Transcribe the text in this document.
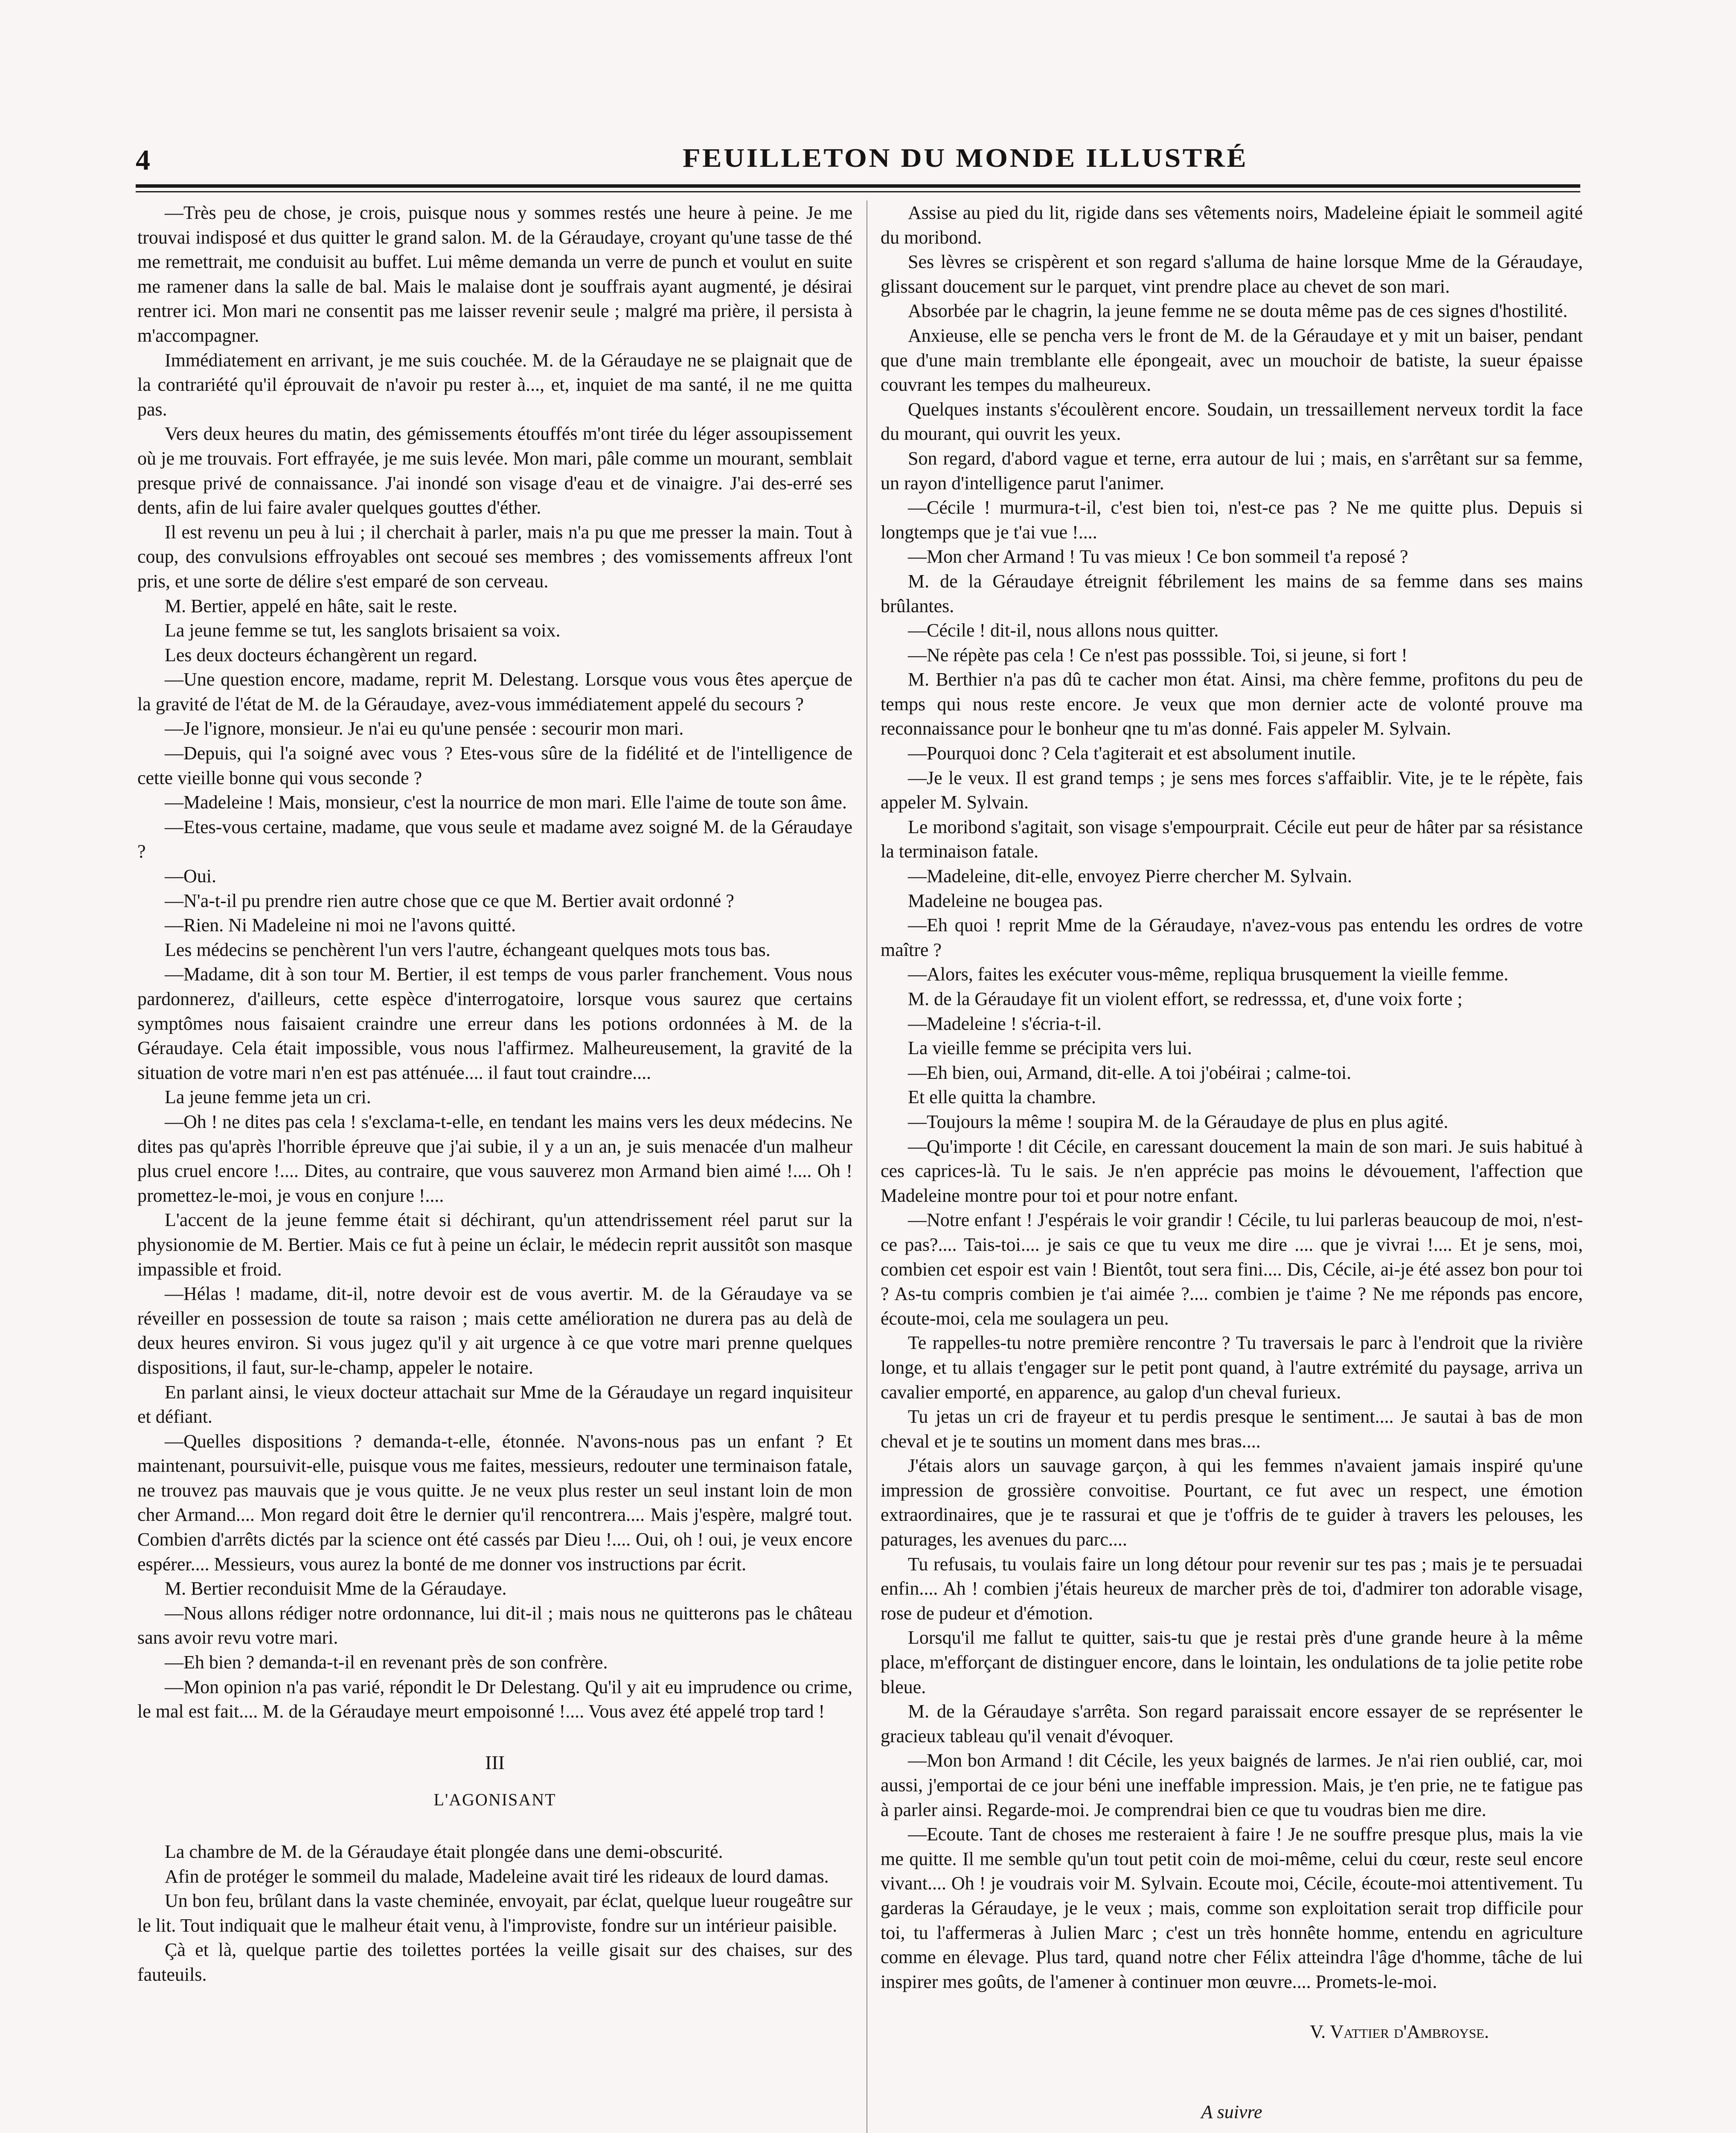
4	FEUILLETON DU MONDE ILLUSTRÉ

—Très peu de chose, je crois, puisque nous y sommes restés une heure à peine. Je me trouvai indisposé et dus quitter le grand salon. M. de la Géraudaye, croyant qu'une tasse de thé me remettrait, me conduisit au buffet. Lui même demanda un verre de punch et voulut en suite me ramener dans la salle de bal. Mais le malaise dont je souffrais ayant augmenté, je désirai rentrer ici. Mon mari ne consentit pas me laisser revenir seule ; malgré ma prière, il persista à m'accompagner.

Immédiatement en arrivant, je me suis couchée. M. de la Géraudaye ne se plaignait que de la contrariété qu'il éprouvait de n'avoir pu rester à..., et, inquiet de ma santé, il ne me quitta pas.

Vers deux heures du matin, des gémissements étouffés m'ont tirée du léger assoupissement où je me trouvais. Fort effrayée, je me suis levée. Mon mari, pâle comme un mourant, semblait presque privé de connaissance. J'ai inondé son visage d'eau et de vinaigre. J'ai des-erré ses dents, afin de lui faire avaler quelques gouttes d'éther.

Il est revenu un peu à lui ; il cherchait à parler, mais n'a pu que me presser la main. Tout à coup, des convulsions effroyables ont secoué ses membres ; des vomissements affreux l'ont pris, et une sorte de délire s'est emparé de son cerveau.

M. Bertier, appelé en hâte, sait le reste.

La jeune femme se tut, les sanglots brisaient sa voix.

Les deux docteurs échangèrent un regard.

—Une question encore, madame, reprit M. Delestang. Lorsque vous vous êtes aperçue de la gravité de l'état de M. de la Géraudaye, avez-vous immédiatement appelé du secours ?

—Je l'ignore, monsieur. Je n'ai eu qu'une pensée : secourir mon mari.

—Depuis, qui l'a soigné avec vous ? Etes-vous sûre de la fidélité et de l'intelligence de cette vieille bonne qui vous seconde ?

—Madeleine ! Mais, monsieur, c'est la nourrice de mon mari. Elle l'aime de toute son âme.

—Etes-vous certaine, madame, que vous seule et madame avez soigné M. de la Géraudaye ?

—Oui.

—N'a-t-il pu prendre rien autre chose que ce que M. Bertier avait ordonné ?

—Rien. Ni Madeleine ni moi ne l'avons quitté.

Les médecins se penchèrent l'un vers l'autre, échangeant quelques mots tous bas.

—Madame, dit à son tour M. Bertier, il est temps de vous parler franchement. Vous nous pardonnerez, d'ailleurs, cette espèce d'interrogatoire, lorsque vous saurez que certains symptômes nous faisaient craindre une erreur dans les potions ordonnées à M. de la Géraudaye. Cela était impossible, vous nous l'affirmez. Malheureusement, la gravité de la situation de votre mari n'en est pas atténuée.... il faut tout craindre....

La jeune femme jeta un cri.

—Oh ! ne dites pas cela ! s'exclama-t-elle, en tendant les mains vers les deux médecins. Ne dites pas qu'après l'horrible épreuve que j'ai subie, il y a un an, je suis menacée d'un malheur plus cruel encore !.... Dites, au contraire, que vous sauverez mon Armand bien aimé !.... Oh ! promettez-le-moi, je vous en conjure !....

L'accent de la jeune femme était si déchirant, qu'un attendrissement réel parut sur la physionomie de M. Bertier. Mais ce fut à peine un éclair, le médecin reprit aussitôt son masque impassible et froid.

—Hélas ! madame, dit-il, notre devoir est de vous avertir. M. de la Géraudaye va se réveiller en possession de toute sa raison ; mais cette amélioration ne durera pas au delà de deux heures environ. Si vous jugez qu'il y ait urgence à ce que votre mari prenne quelques dispositions, il faut, sur-le-champ, appeler le notaire.

En parlant ainsi, le vieux docteur attachait sur Mme de la Géraudaye un regard inquisiteur et défiant.

—Quelles dispositions ? demanda-t-elle, étonnée. N'avons-nous pas un enfant ? Et maintenant, poursuivit-elle, puisque vous me faites, messieurs, redouter une terminaison fatale, ne trouvez pas mauvais que je vous quitte. Je ne veux plus rester un seul instant loin de mon cher Armand.... Mon regard doit être le dernier qu'il rencontrera.... Mais j'espère, malgré tout. Combien d'arrêts dictés par la science ont été cassés par Dieu !.... Oui, oh ! oui, je veux encore espérer.... Messieurs, vous aurez la bonté de me donner vos instructions par écrit.

M. Bertier reconduisit Mme de la Géraudaye.

—Nous allons rédiger notre ordonnance, lui dit-il ; mais nous ne quitterons pas le château sans avoir revu votre mari.

—Eh bien ? demanda-t-il en revenant près de son confrère.

—Mon opinion n'a pas varié, répondit le Dr Delestang. Qu'il y ait eu imprudence ou crime, le mal est fait.... M. de la Géraudaye meurt empoisonné !.... Vous avez été appelé trop tard !

III

L'AGONISANT

La chambre de M. de la Géraudaye était plongée dans une demi-obscurité.

Afin de protéger le sommeil du malade, Madeleine avait tiré les rideaux de lourd damas.

Un bon feu, brûlant dans la vaste cheminée, envoyait, par éclat, quelque lueur rougeâtre sur le lit. Tout indiquait que le malheur était venu, à l'improviste, fondre sur un intérieur paisible.

Çà et là, quelque partie des toilettes portées la veille gisait sur des chaises, sur des fauteuils.

Assise au pied du lit, rigide dans ses vêtements noirs, Madeleine épiait le sommeil agité du moribond.

Ses lèvres se crispèrent et son regard s'alluma de haine lorsque Mme de la Géraudaye, glissant doucement sur le parquet, vint prendre place au chevet de son mari.

Absorbée par le chagrin, la jeune femme ne se douta même pas de ces signes d'hostilité.

Anxieuse, elle se pencha vers le front de M. de la Géraudaye et y mit un baiser, pendant que d'une main tremblante elle épongeait, avec un mouchoir de batiste, la sueur épaisse couvrant les tempes du malheureux.

Quelques instants s'écoulèrent encore. Soudain, un tressaillement nerveux tordit la face du mourant, qui ouvrit les yeux.

Son regard, d'abord vague et terne, erra autour de lui ; mais, en s'arrêtant sur sa femme, un rayon d'intelligence parut l'animer.

—Cécile ! murmura-t-il, c'est bien toi, n'est-ce pas ? Ne me quitte plus. Depuis si longtemps que je t'ai vue !....

—Mon cher Armand ! Tu vas mieux ! Ce bon sommeil t'a reposé ?

M. de la Géraudaye étreignit fébrilement les mains de sa femme dans ses mains brûlantes.

—Cécile ! dit-il, nous allons nous quitter.

—Ne répète pas cela ! Ce n'est pas posssible. Toi, si jeune, si fort !

M. Berthier n'a pas dû te cacher mon état. Ainsi, ma chère femme, profitons du peu de temps qui nous reste encore. Je veux que mon dernier acte de volonté prouve ma reconnaissance pour le bonheur qne tu m'as donné. Fais appeler M. Sylvain.

—Pourquoi donc ? Cela t'agiterait et est absolument inutile.

—Je le veux. Il est grand temps ; je sens mes forces s'affaiblir. Vite, je te le répète, fais appeler M. Sylvain.

Le moribond s'agitait, son visage s'empourprait. Cécile eut peur de hâter par sa résistance la terminaison fatale.

—Madeleine, dit-elle, envoyez Pierre chercher M. Sylvain.

Madeleine ne bougea pas.

—Eh quoi ! reprit Mme de la Géraudaye, n'avez-vous pas entendu les ordres de votre maître ?

—Alors, faites les exécuter vous-même, repliqua brusquement la vieille femme.

M. de la Géraudaye fit un violent effort, se redresssa, et, d'une voix forte ;

—Madeleine ! s'écria-t-il.

La vieille femme se précipita vers lui.

—Eh bien, oui, Armand, dit-elle. A toi j'obéirai ; calme-toi.

Et elle quitta la chambre.

—Toujours la même ! soupira M. de la Géraudaye de plus en plus agité.

—Qu'importe ! dit Cécile, en caressant doucement la main de son mari. Je suis habitué à ces caprices-là. Tu le sais. Je n'en apprécie pas moins le dévouement, l'affection que Madeleine montre pour toi et pour notre enfant.

—Notre enfant ! J'espérais le voir grandir ! Cécile, tu lui parleras beaucoup de moi, n'est-ce pas?.... Tais-toi.... je sais ce que tu veux me dire .... que je vivrai !.... Et je sens, moi, combien cet espoir est vain ! Bientôt, tout sera fini.... Dis, Cécile, ai-je été assez bon pour toi ? As-tu compris combien je t'ai aimée ?.... combien je t'aime ? Ne me réponds pas encore, écoute-moi, cela me soulagera un peu.

Te rappelles-tu notre première rencontre ? Tu traversais le parc à l'endroit que la rivière longe, et tu allais t'engager sur le petit pont quand, à l'autre extrémité du paysage, arriva un cavalier emporté, en apparence, au galop d'un cheval furieux.

Tu jetas un cri de frayeur et tu perdis presque le sentiment.... Je sautai à bas de mon cheval et je te soutins un moment dans mes bras....

J'étais alors un sauvage garçon, à qui les femmes n'avaient jamais inspiré qu'une impression de grossière convoitise. Pourtant, ce fut avec un respect, une émotion extraordinaires, que je te rassurai et que je t'offris de te guider à travers les pelouses, les paturages, les avenues du parc....

Tu refusais, tu voulais faire un long détour pour revenir sur tes pas ; mais je te persuadai enfin.... Ah ! combien j'étais heureux de marcher près de toi, d'admirer ton adorable visage, rose de pudeur et d'émotion.

Lorsqu'il me fallut te quitter, sais-tu que je restai près d'une grande heure à la même place, m'efforçant de distinguer encore, dans le lointain, les ondulations de ta jolie petite robe bleue.

M. de la Géraudaye s'arrêta. Son regard paraissait encore essayer de se représenter le gracieux tableau qu'il venait d'évoquer.

—Mon bon Armand ! dit Cécile, les yeux baignés de larmes. Je n'ai rien oublié, car, moi aussi, j'emportai de ce jour béni une ineffable impression. Mais, je t'en prie, ne te fatigue pas à parler ainsi. Regarde-moi. Je comprendrai bien ce que tu voudras bien me dire.

—Ecoute. Tant de choses me resteraient à faire ! Je ne souffre presque plus, mais la vie me quitte. Il me semble qu'un tout petit coin de moi-même, celui du cœur, reste seul encore vivant.... Oh ! je voudrais voir M. Sylvain. Ecoute moi, Cécile, écoute-moi attentivement. Tu garderas la Géraudaye, je le veux ; mais, comme son exploitation serait trop difficile pour toi, tu l'affermeras à Julien Marc ; c'est un très honnête homme, entendu en agriculture comme en élevage. Plus tard, quand notre cher Félix atteindra l'âge d'homme, tâche de lui inspirer mes goûts, de l'amener à continuer mon œuvre.... Promets-le-moi.

V. Vattier d'Ambroyse.

A suivre
